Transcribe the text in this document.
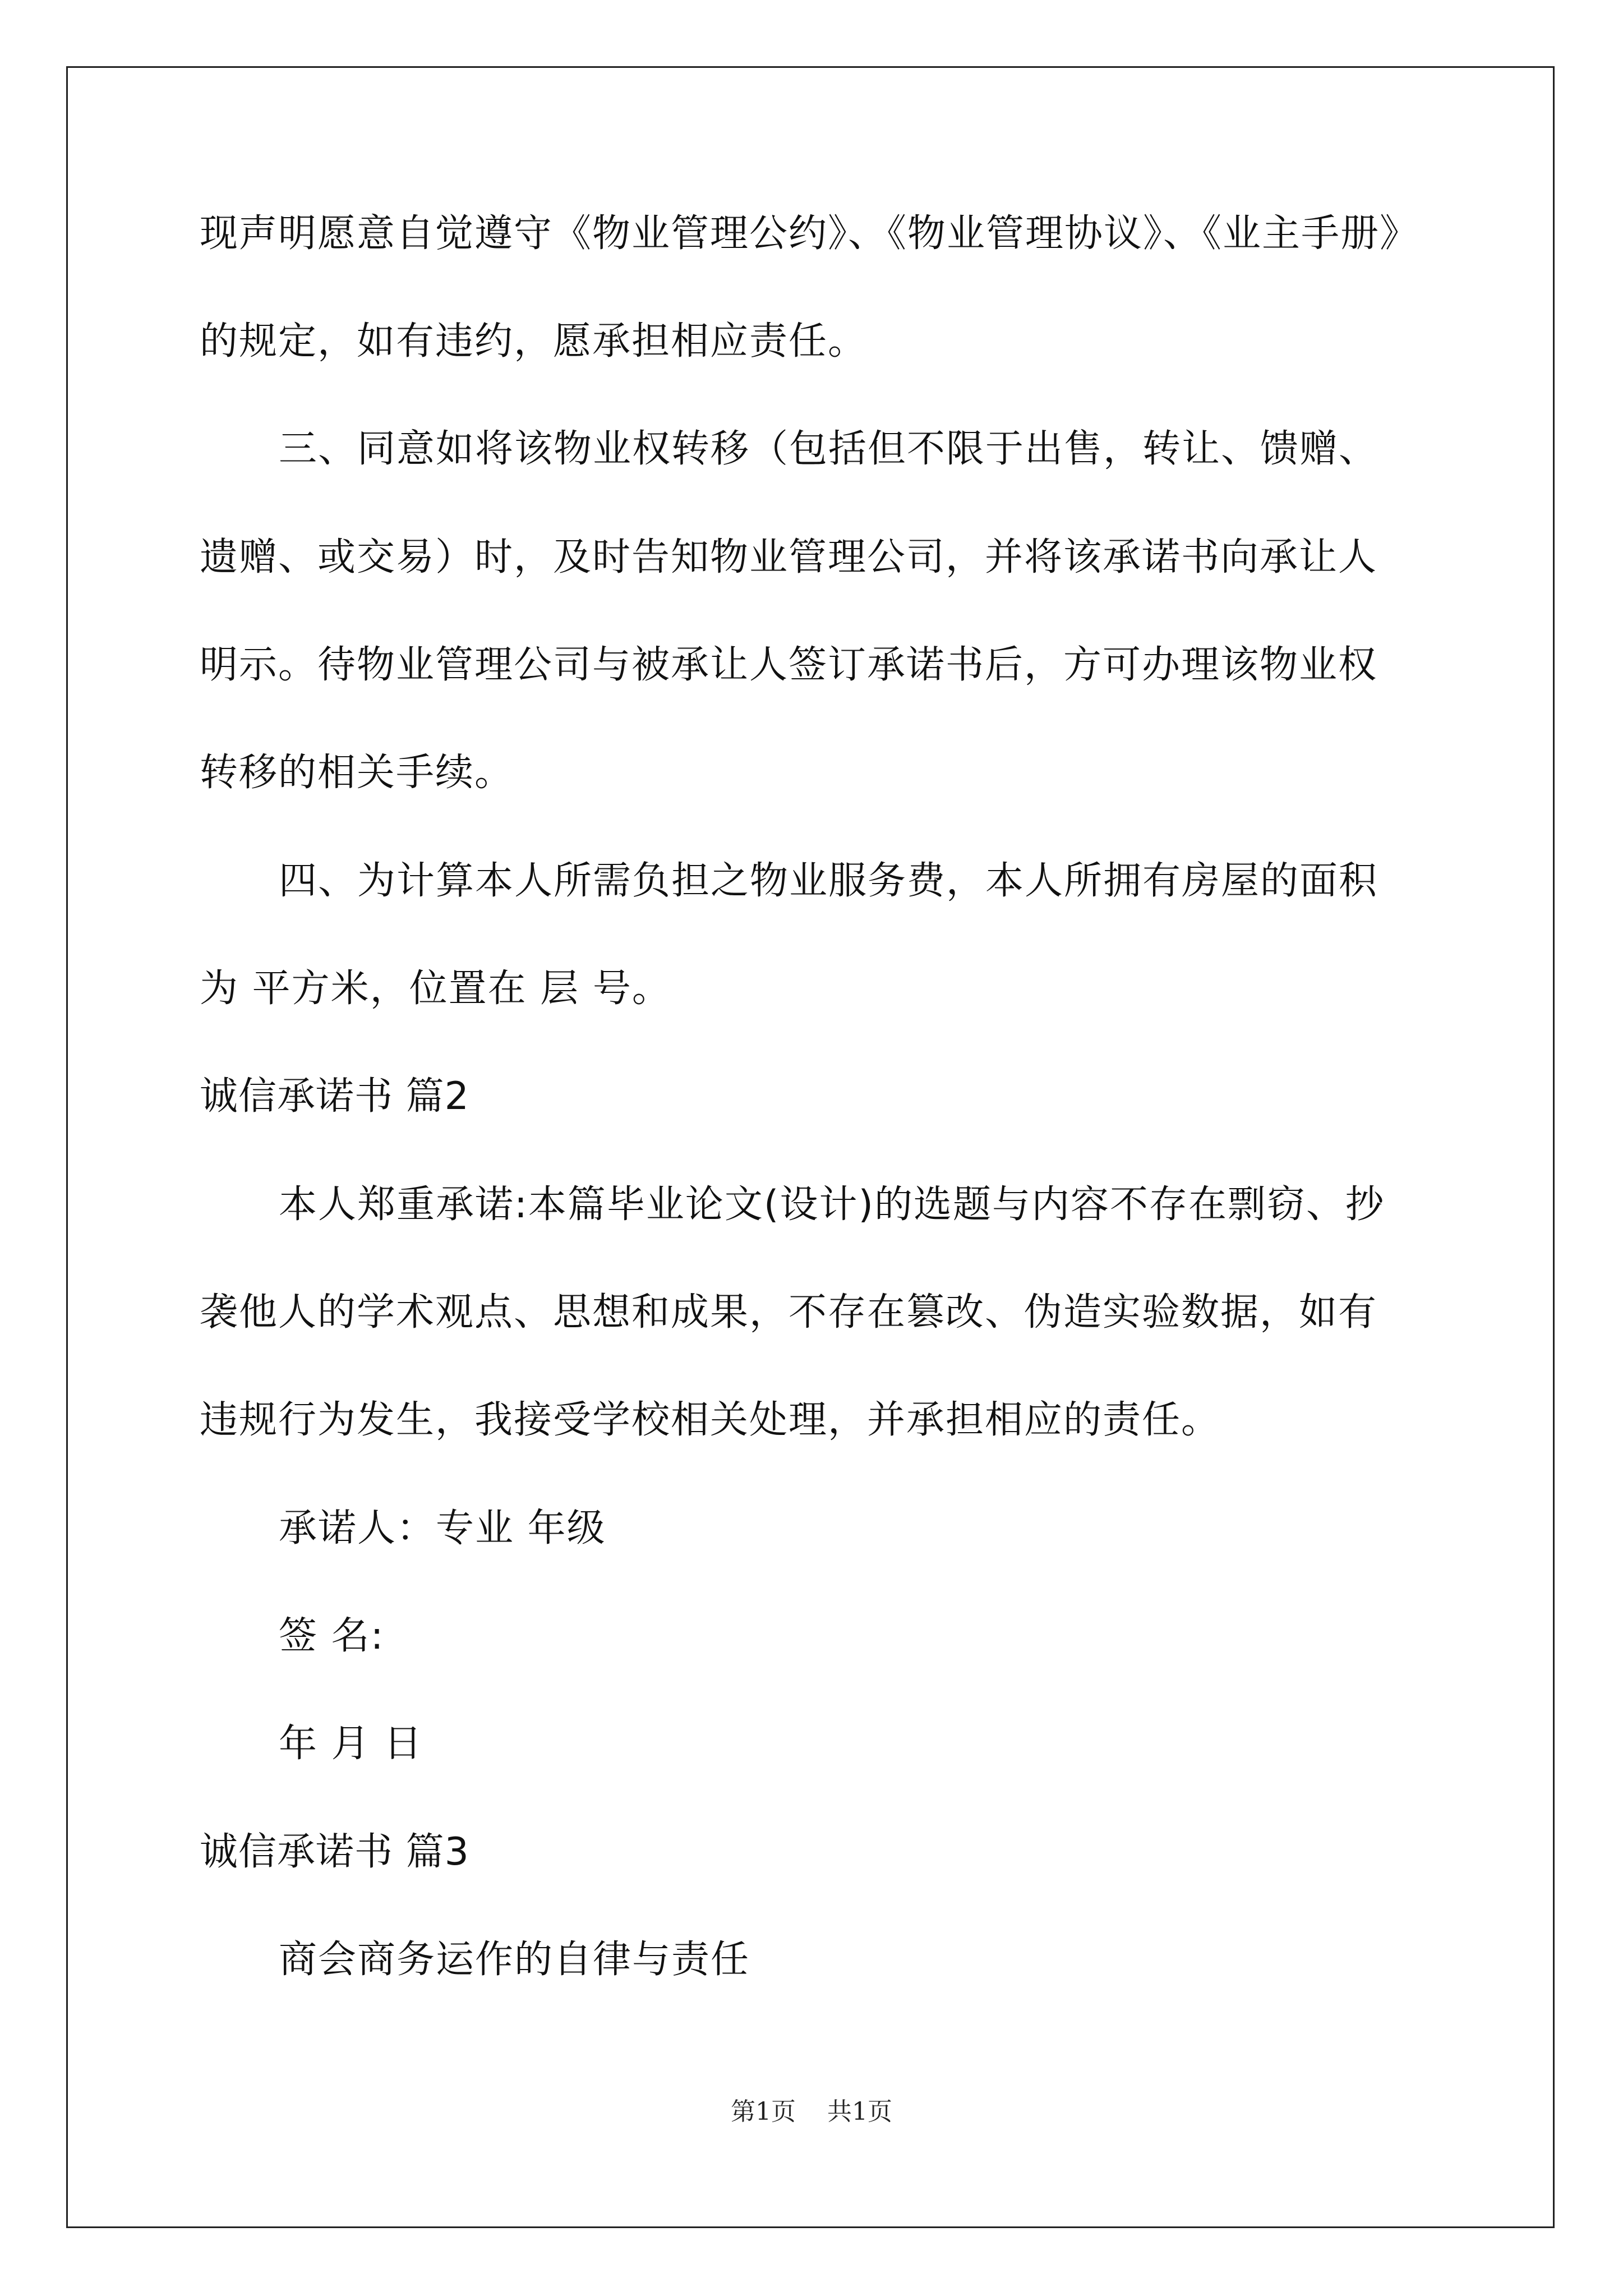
现声明愿意自觉遵守《物业管理公约》、《物业管理协议》、《业主手册》
的规定，如有违约，愿承担相应责任。
三、同意如将该物业权转移（包括但不限于出售，转让、馈赠、
遗赠、或交易）时，及时告知物业管理公司，并将该承诺书向承让人
明示。待物业管理公司与被承让人签订承诺书后，方可办理该物业权
转移的相关手续。
四、为计算本人所需负担之物业服务费，本人所拥有房屋的面积
为 平方米，位置在 层 号。
诚信承诺书 篇2
本人郑重承诺:本篇毕业论文(设计)的选题与内容不存在剽窃、抄
袭他人的学术观点、思想和成果，不存在篡改、伪造实验数据，如有
违规行为发生，我接受学校相关处理，并承担相应的责任。
承诺人：专业 年级
签 名:
年 月 日
诚信承诺书 篇3
商会商务运作的自律与责任
第1页 共1页
